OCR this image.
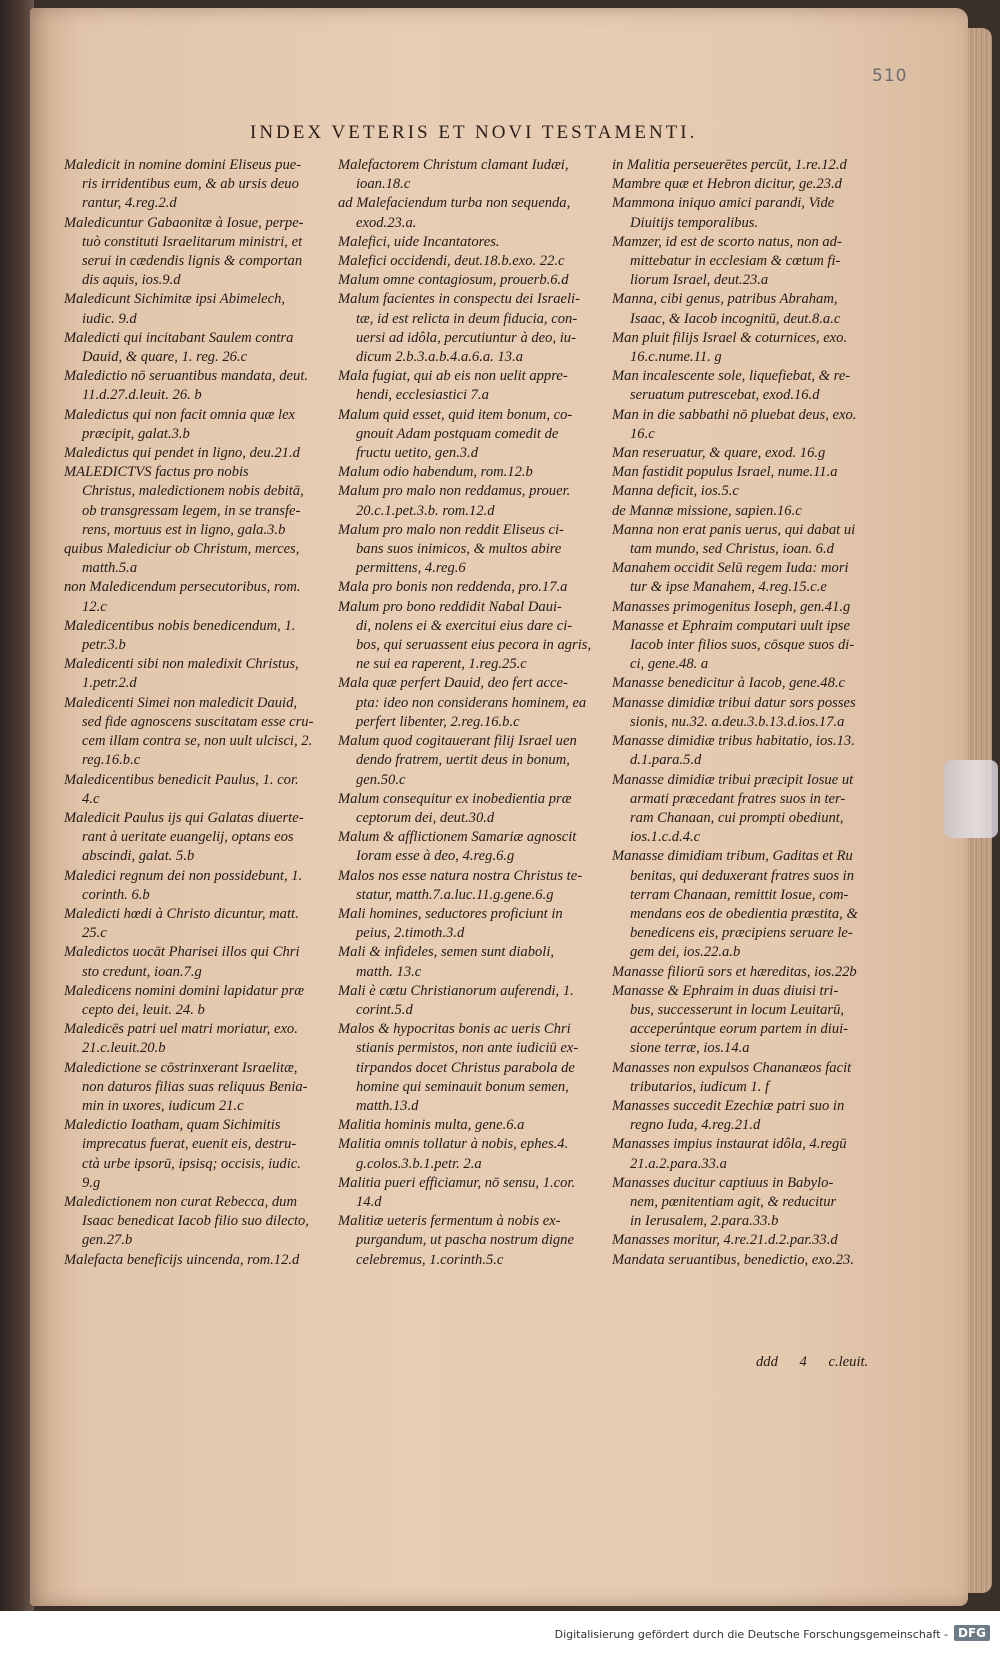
510
INDEX VETERIS ET NOVI TESTAMENTI.

Maledicit in nomine domini Eliseus pue-
ris irridentibus eum, & ab ursis deuo
rantur, 4.reg.2.d

Maledicuntur Gabaonitæ à Iosue, perpe-
tuò constituti Israelitarum ministri, et
serui in cædendis lignis & comportan
dis aquis, ios.9.d

Maledicunt Sichimitæ ipsi Abimelech,
iudic. 9.d

Maledicti qui incitabant Saulem contra
Dauid, & quare, 1. reg. 26.c

Maledictio nō seruantibus mandata, deut.
11.d.27.d.leuit. 26. b

Maledictus qui non facit omnia quæ lex
præcipit, galat.3.b

Maledictus qui pendet in ligno, deu.21.d

MALEDICTVS factus pro nobis
Christus, maledictionem nobis debitā,
ob transgressam legem, in se transfe-
rens, mortuus est in ligno, gala.3.b

quibus Malediciur ob Christum, merces,
matth.5.a

non Maledicendum persecutoribus, rom.
12.c

Maledicentibus nobis benedicendum, 1.
petr.3.b

Maledicenti sibi non maledixit Christus,
1.petr.2.d

Maledicenti Simei non maledicit Dauid,
sed fide agnoscens suscitatam esse cru-
cem illam contra se, non uult ulcisci, 2.
reg.16.b.c

Maledicentibus benedicit Paulus, 1. cor.
4.c

Maledicit Paulus ijs qui Galatas diuerte-
rant à ueritate euangelij, optans eos
abscindi, galat. 5.b

Maledici regnum dei non possidebunt, 1.
corinth. 6.b

Maledicti hœdi à Christo dicuntur, matt.
25.c

Maledictos uocāt Pharisei illos qui Chri
sto credunt, ioan.7.g

Maledicens nomini domini lapidatur præ
cepto dei, leuit. 24. b

Maledicēs patri uel matri moriatur, exo.
21.c.leuit.20.b

Maledictione se cōstrinxerant Israelitæ,
non daturos filias suas reliquus Benia-
min in uxores, iudicum 21.c

Maledictio Ioatham, quam Sichimitis
imprecatus fuerat, euenit eis, destru-
ctà urbe ipsorū, ipsisq; occisis, iudic.
9.g

Maledictionem non curat Rebecca, dum
Isaac benedicat Iacob filio suo dilecto,
gen.27.b

Malefacta beneficijs uincenda, rom.12.d

Malefactorem Christum clamant Iudæi,
ioan.18.c

ad Malefaciendum turba non sequenda,
exod.23.a.

Malefici, uide Incantatores.

Malefici occidendi, deut.18.b.exo. 22.c

Malum omne contagiosum, prouerb.6.d

Malum facientes in conspectu dei Israeli-
tæ, id est relicta in deum fiducia, con-
uersi ad idôla, percutiuntur à deo, iu-
dicum 2.b.3.a.b.4.a.6.a. 13.a

Mala fugiat, qui ab eis non uelit appre-
hendi, ecclesiastici 7.a

Malum quid esset, quid item bonum, co-
gnouit Adam postquam comedit de
fructu uetito, gen.3.d

Malum odio habendum, rom.12.b

Malum pro malo non reddamus, prouer.
20.c.1.pet.3.b. rom.12.d

Malum pro malo non reddit Eliseus ci-
bans suos inimicos, & multos abire
permittens, 4.reg.6

Mala pro bonis non reddenda, pro.17.a

Malum pro bono reddidit Nabal Daui-
di, nolens ei & exercitui eius dare ci-
bos, qui seruassent eius pecora in agris,
ne sui ea raperent, 1.reg.25.c

Mala quæ perfert Dauid, deo fert acce-
pta: ideo non considerans hominem, ea
perfert libenter, 2.reg.16.b.c

Malum quod cogitauerant filij Israel uen
dendo fratrem, uertit deus in bonum,
gen.50.c

Malum consequitur ex inobedientia præ
ceptorum dei, deut.30.d

Malum & afflictionem Samariæ agnoscit
Ioram esse à deo, 4.reg.6.g

Malos nos esse natura nostra Christus te-
statur, matth.7.a.luc.11.g.gene.6.g

Mali homines, seductores proficiunt in
peius, 2.timoth.3.d

Mali & infideles, semen sunt diaboli,
matth. 13.c

Mali è cœtu Christianorum auferendi, 1.
corint.5.d

Malos & hypocritas bonis ac ueris Chri
stianis permistos, non ante iudiciū ex-
tirpandos docet Christus parabola de
homine qui seminauit bonum semen,
matth.13.d

Malitia hominis multa, gene.6.a

Malitia omnis tollatur à nobis, ephes.4.
g.colos.3.b.1.petr. 2.a

Malitia pueri efficiamur, nō sensu, 1.cor.
14.d

Malitiæ ueteris fermentum à nobis ex-
purgandum, ut pascha nostrum digne
celebremus, 1.corinth.5.c

in Malitia perseuerētes percūt, 1.re.12.d

Mambre quæ et Hebron dicitur, ge.23.d

Mammona iniquo amici parandi, Vide
Diuitijs temporalibus.

Mamzer, id est de scorto natus, non ad-
mittebatur in ecclesiam & cœtum fi-
liorum Israel, deut.23.a

Manna, cibi genus, patribus Abraham,
Isaac, & Iacob incognitū, deut.8.a.c

Man pluit filijs Israel & coturnices, exo.
16.c.nume.11. g

Man incalescente sole, liquefiebat, & re-
seruatum putrescebat, exod.16.d

Man in die sabbathi nō pluebat deus, exo.
16.c

Man reseruatur, & quare, exod. 16.g

Man fastidit populus Israel, nume.11.a

Manna deficit, ios.5.c

de Mannæ missione, sapien.16.c

Manna non erat panis uerus, qui dabat ui
tam mundo, sed Christus, ioan. 6.d

Manahem occidit Selū regem Iuda: mori
tur & ipse Manahem, 4.reg.15.c.e

Manasses primogenitus Ioseph, gen.41.g

Manasse et Ephraim computari uult ipse
Iacob inter filios suos, cōsque suos di-
ci, gene.48. a

Manasse benedicitur à Iacob, gene.48.c

Manasse dimidiæ tribui datur sors posses
sionis, nu.32. a.deu.3.b.13.d.ios.17.a

Manasse dimidiæ tribus habitatio, ios.13.
d.1.para.5.d

Manasse dimidiæ tribui præcipit Iosue ut
armati præcedant fratres suos in ter-
ram Chanaan, cui prompti obediunt,
ios.1.c.d.4.c

Manasse dimidiam tribum, Gaditas et Ru
benitas, qui deduxerant fratres suos in
terram Chanaan, remittit Iosue, com-
mendans eos de obedientia præstita, &
benedicens eis, præcipiens seruare le-
gem dei, ios.22.a.b

Manasse filiorū sors et hæreditas, ios.22b

Manasse & Ephraim in duas diuisi tri-
bus, successerunt in locum Leuitarū,
acceperúntque eorum partem in diui-
sione terræ, ios.14.a

Manasses non expulsos Chananæos facit
tributarios, iudicum 1. f

Manasses succedit Ezechiæ patri suo in
regno Iuda, 4.reg.21.d

Manasses impius instaurat idôla, 4.regū
21.a.2.para.33.a

Manasses ducitur captiuus in Babylo-
nem, pœnitentiam agit, & reducitur
in Ierusalem, 2.para.33.b

Manasses moritur, 4.re.21.d.2.par.33.d

Mandata seruantibus, benedictio, exo.23.

ddd 4 c.leuit.
Digitalisierung gefördert durch die Deutsche Forschungsgemeinschaft - DFG
